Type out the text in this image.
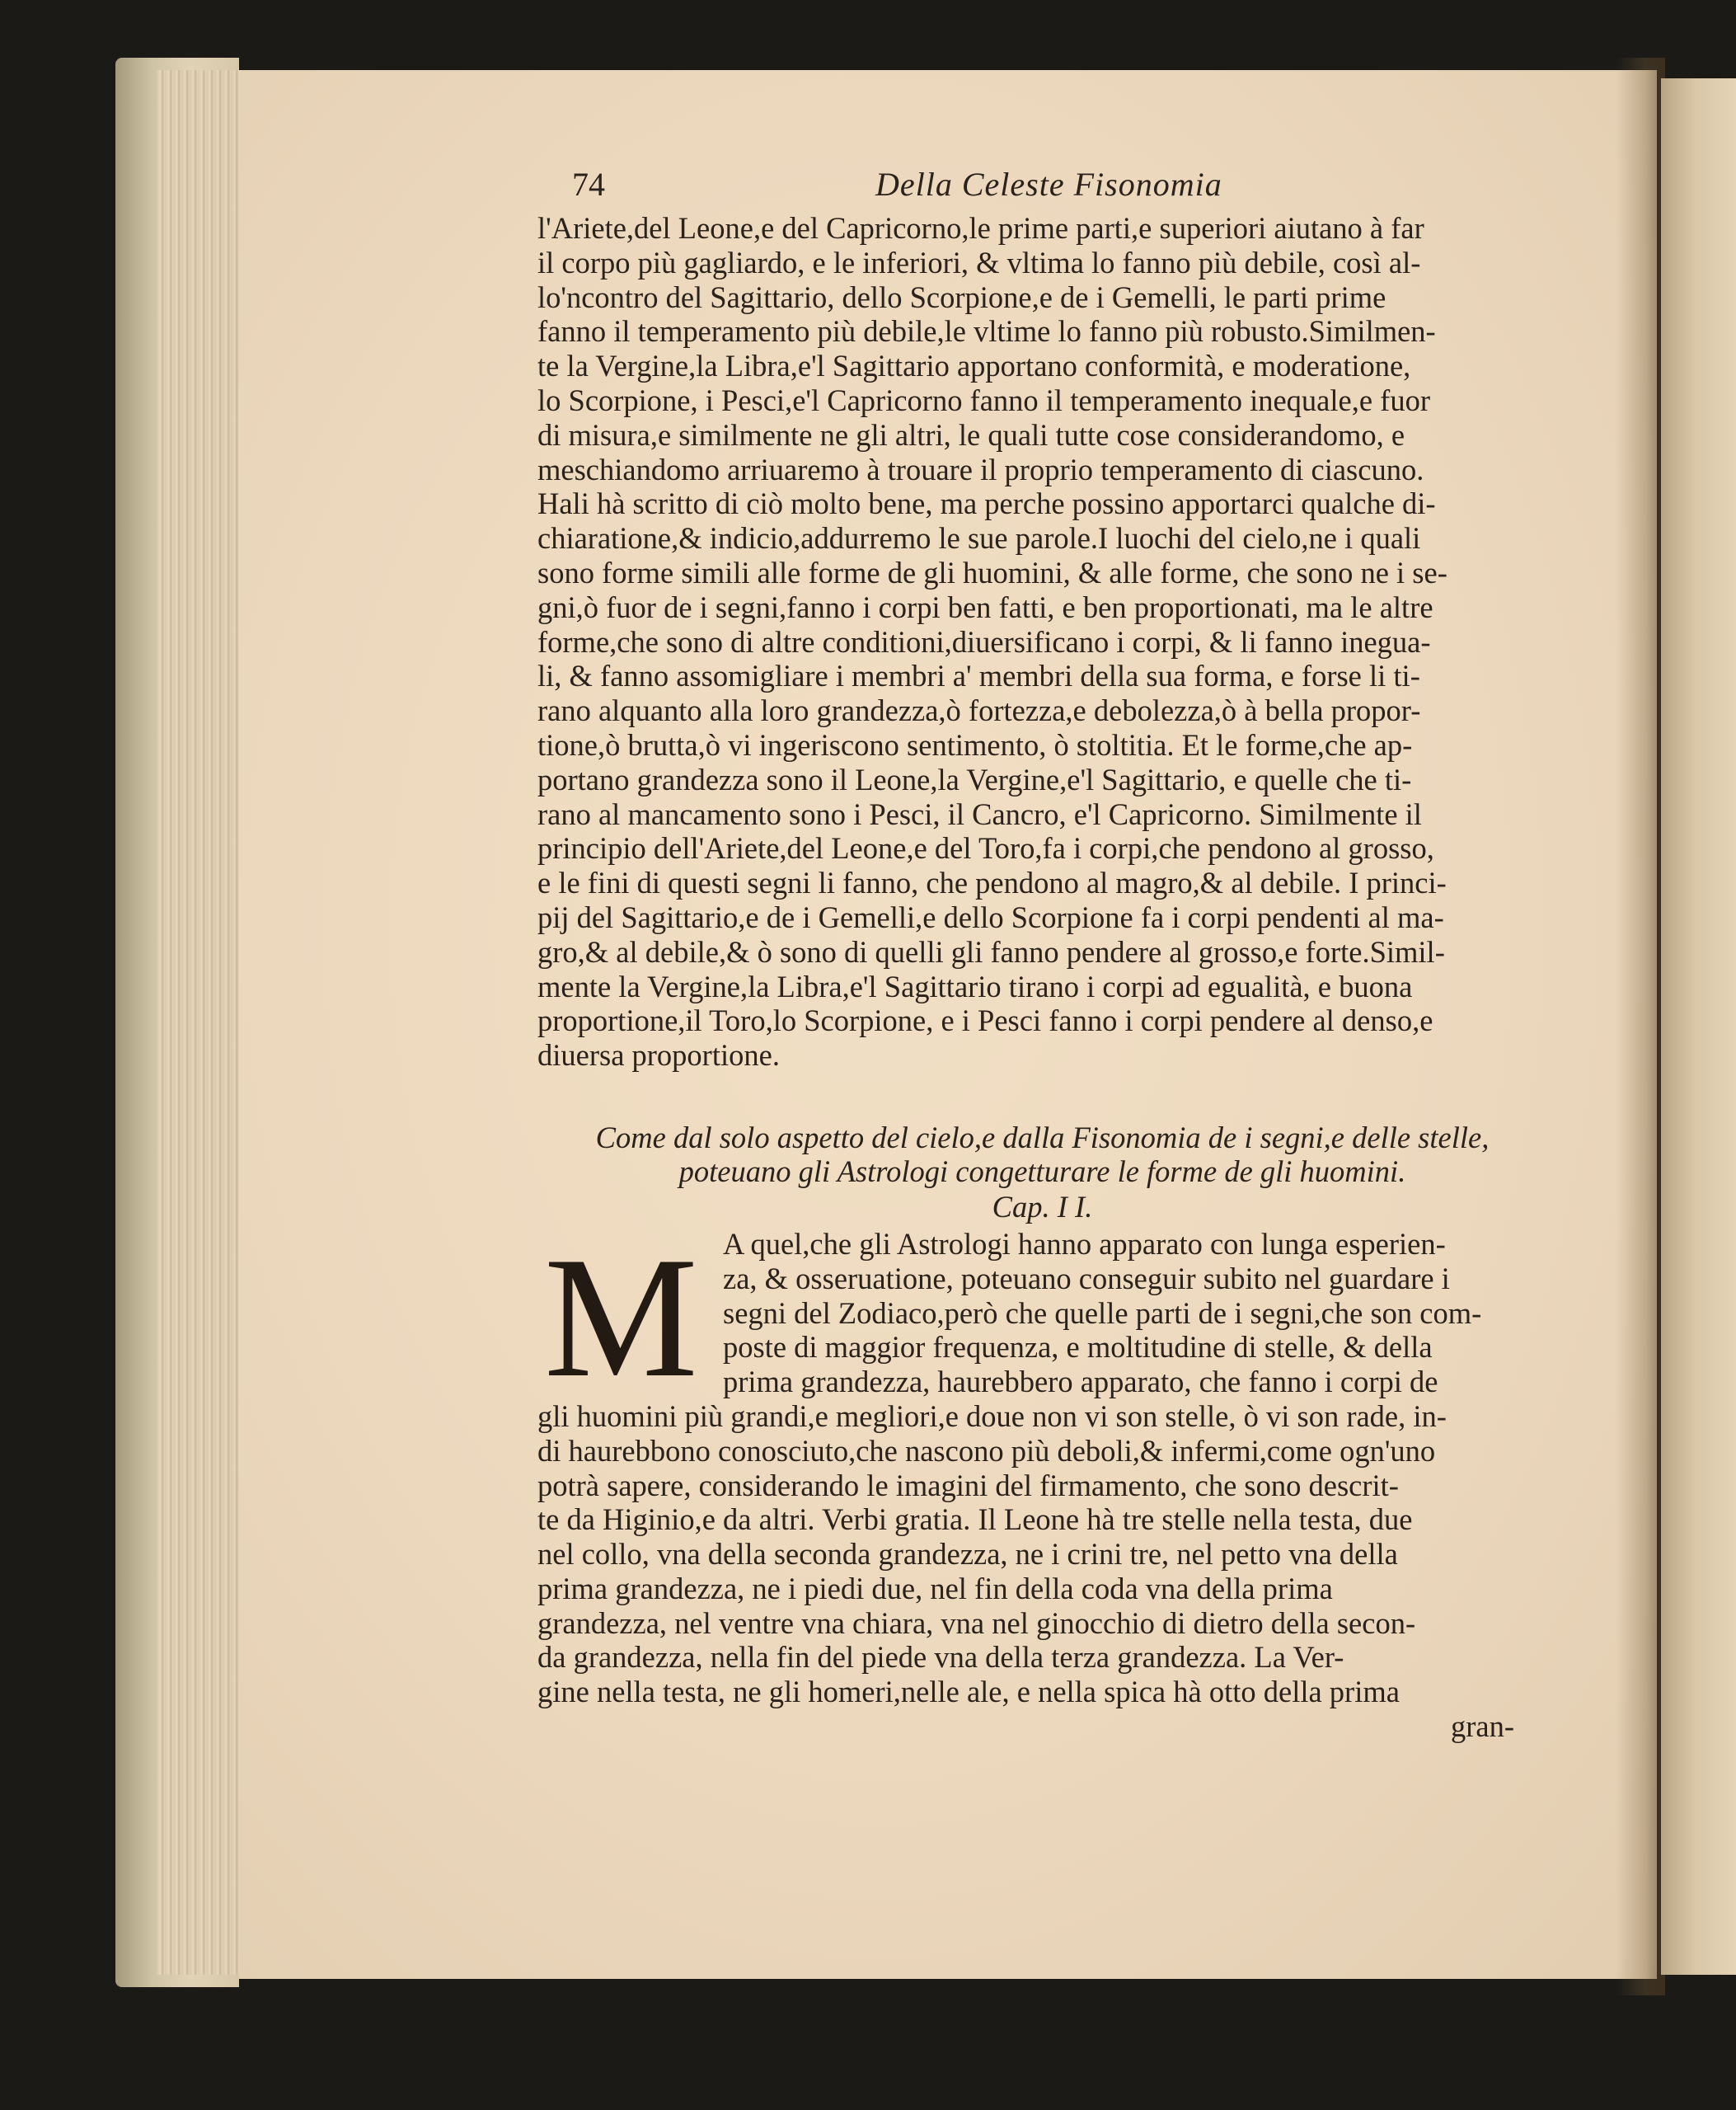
74	Della Celeste Fisonomia

l'Ariete,del Leone,e del Capricorno,le prime parti,e superiori aiutano à far
il corpo più gagliardo, e le inferiori, & vltima lo fanno più debile, così al-
lo'ncontro del Sagittario, dello Scorpione,e de i Gemelli, le parti prime
fanno il temperamento più debile,le vltime lo fanno più robusto.Similmen-
te la Vergine,la Libra,e'l Sagittario apportano conformità, e moderatione,
lo Scorpione, i Pesci,e'l Capricorno fanno il temperamento inequale,e fuor
di misura,e similmente ne gli altri, le quali tutte cose considerandomo, e
meschiandomo arriuaremo à trouare il proprio temperamento di ciascuno.
Hali hà scritto di ciò molto bene, ma perche possino apportarci qualche di-
chiaratione,& indicio,addurremo le sue parole.I luochi del cielo,ne i quali
sono forme simili alle forme de gli huomini, & alle forme, che sono ne i se-
gni,ò fuor de i segni,fanno i corpi ben fatti, e ben proportionati, ma le altre
forme,che sono di altre conditioni,diuersificano i corpi, & li fanno inegua-
li, & fanno assomigliare i membri a' membri della sua forma, e forse li ti-
rano alquanto alla loro grandezza,ò fortezza,e debolezza,ò à bella propor-
tione,ò brutta,ò vi ingeriscono sentimento, ò stoltitia. Et le forme,che ap-
portano grandezza sono il Leone,la Vergine,e'l Sagittario, e quelle che ti-
rano al mancamento sono i Pesci, il Cancro, e'l Capricorno. Similmente il
principio dell'Ariete,del Leone,e del Toro,fa i corpi,che pendono al grosso,
e le fini di questi segni li fanno, che pendono al magro,& al debile. I princi-
pij del Sagittario,e de i Gemelli,e dello Scorpione fa i corpi pendenti al ma-
gro,& al debile,& ò sono di quelli gli fanno pendere al grosso,e forte.Simil-
mente la Vergine,la Libra,e'l Sagittario tirano i corpi ad egualità, e buona
proportione,il Toro,lo Scorpione, e i Pesci fanno i corpi pendere al denso,e
diuersa proportione.

Come dal solo aspetto del cielo,e dalla Fisonomia de i segni,e delle stelle,
poteuano gli Astrologi congetturare le forme de gli huomini.
Cap. I I.
M A quel,che gli Astrologi hanno apparato con lunga esperien-
za, & osseruatione, poteuano conseguir subito nel guardare i
segni del Zodiaco,però che quelle parti de i segni,che son com-
poste di maggior frequenza, e moltitudine di stelle, & della
prima grandezza, haurebbero apparato, che fanno i corpi de
gli huomini più grandi,e megliori,e doue non vi son stelle, ò vi son rade, in-
di haurebbono conosciuto,che nascono più deboli,& infermi,come ogn'uno
potrà sapere, considerando le imagini del firmamento, che sono descrit-
te da Higinio,e da altri. Verbi gratia. Il Leone hà tre stelle nella testa, due
nel collo, vna della seconda grandezza, ne i crini tre, nel petto vna della
prima grandezza, ne i piedi due, nel fin della coda vna della prima
grandezza, nel ventre vna chiara, vna nel ginocchio di dietro della secon-
da grandezza, nella fin del piede vna della terza grandezza. La Ver-
gine nella testa, ne gli homeri,nelle ale, e nella spica hà otto della prima
gran-
